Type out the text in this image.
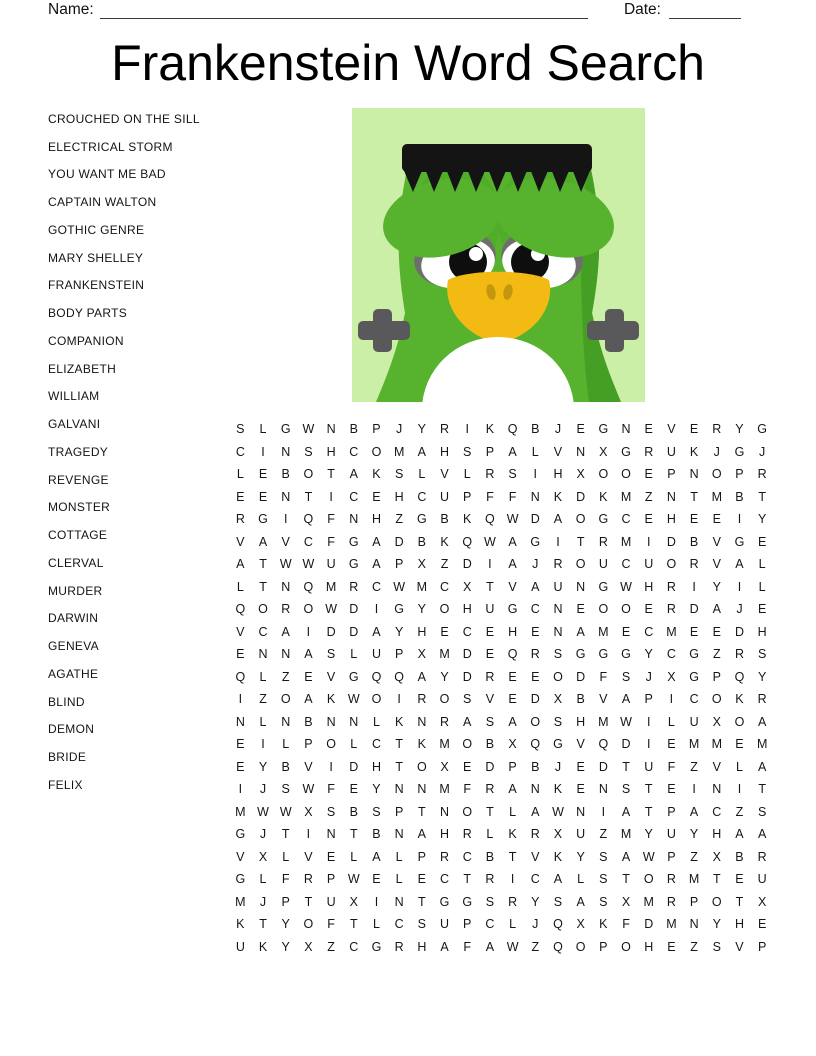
Name:	Date:
Frankenstein Word Search
CROUCHED ON THE SILL
ELECTRICAL STORM
YOU WANT ME BAD
CAPTAIN WALTON
GOTHIC GENRE
MARY SHELLEY
FRANKENSTEIN
BODY PARTS
COMPANION
ELIZABETH
WILLIAM
GALVANI
TRAGEDY
REVENGE
MONSTER
COTTAGE
CLERVAL
MURDER
DARWIN
GENEVA
AGATHE
BLIND
DEMON
BRIDE
FELIX
S	L	G W N	B	P	J	Y	R	I	K	Q	B	J	E	G	N	E	V	E	R	Y	G
C	I	N	S	H	C	O	M	A	H	S	P	A	L	V	N	X	G	R	U	K	J	G	J
L	E	B	O	T	A	K	S	L	V	L	R	S	I	H	X	O	O	E	P	N	O	P	R
E	E	N	T	I	C	E	H	C	U	P	F	F	N	K	D	K	M	Z	N	T	M	B	T
R	G	I	Q	F	N	H	Z	G	B	K	Q W D	A	O	G	C	E	H	E	E	I	Y
V	A	V	C	F	G	A	D	B	K	Q W	A	G	I	T	R	M	I	D	B	V	G	E
A	T	W W U	G	A	P	X	Z	D	I	A	J	R	O	U	C	U	O	R	V	A	L
L	T	N	Q	M	R	C W M	C	X	T	V	A	U	N	G W H	R	I	Y	I	L
Q	O	R	O W D	I	G	Y	O	H	U	G	C	N	E	O	O	E	R	D	A	J	E
V	C	A	I	D	D	A	Y	H	E	C	E	H	E	N	A	M	E	C	M	E	E	D	H
E	N	N	A	S	L	U	P	X	M	D	E	Q	R	S	G	G	G	Y	C	G	Z	R	S
Q	L	Z	E	V	G	Q	Q	A	Y	D	R	E	E	O	D	F	S	J	X	G	P	Q	Y
I	Z	O	A	K	W O	I	R	O	S	V	E	D	X	B	V	A	P	I	C	O	K	R
N	L	N	B	N	N	L	K	N	R	A	S	A	O	S	H	M W	I	L	U	X	O	A
E	I	L	P	O	L	C	T	K	M	O	B	X	Q	G	V	Q	D	I	E	M M	E	M
E	Y	B	V	I	D	H	T	O	X	E	D	P	B	J	E	D	T	U	F	Z	V	L	A
I	J	S	W	F	E	Y	N	N	M	F	R	A	N	K	E	N	S	T	E	I	N	I	T
M W W	X	S	B	S	P	T	N	O	T	L	A	W N	I	A	T	P	A	C	Z	S
G	J	T	I	N	T	B	N	A	H	R	L	K	R	X	U	Z	M	Y	U	Y	H	A	A
V	X	L	V	E	L	A	L	P	R	C	B	T	V	K	Y	S	A	W	P	Z	X	B	R
G	L	F	R	P	W	E	L	E	C	T	R	I	C	A	L	S	T	O	R	M	T	E	U
M	J	P	T	U	X	I	N	T	G	G	S	R	Y	S	A	S	X	M	R	P	O	T	X
K	T	Y	O	F	T	L	C	S	U	P	C	L	J	Q	X	K	F	D	M	N	Y	H	E
U	K	Y	X	Z	C	G	R	H	A	F	A	W	Z	Q	O	P	O	H	E	Z	S	V	P
